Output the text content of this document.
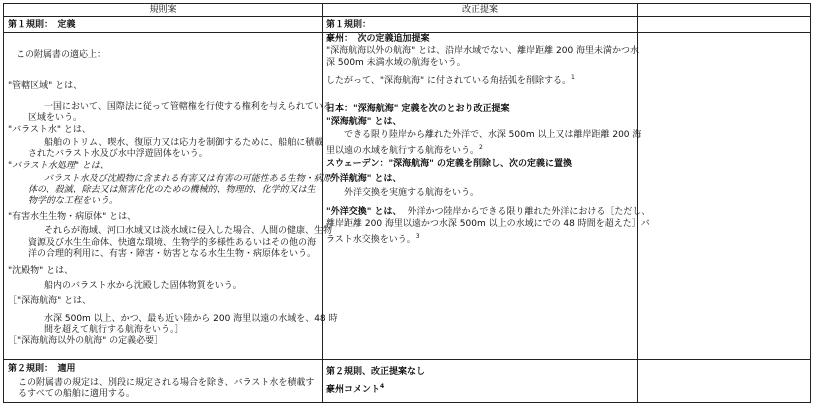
規則案	改正提案
第１規則：　定義
この附属書の適応上：
"管轄区域" とは、
一国において、国際法に従って管轄権を行使する権利を与えられている
区域をいう。
"バラスト水" とは、
船舶のトリム、喫水、復原力又は応力を制御するために、船舶に積載
されたバラスト水及び水中浮遊固体をいう。
"バラスト水処理" とは、
バラスト水及び沈殿物に含まれる有害又は有害の可能性ある生物・病原
体の、殺滅、除去又は無害化化のための機械的、物理的、化学的又は生
物学的な工程をいう。
"有害水生生物・病原体" とは、
それらが海域、河口水域又は淡水域に侵入した場合、人間の健康、生物
資源及び水生生命体、快適な環境、生物学的多様性あるいはその他の海
洋の合理的利用に、有害・障害・妨害となる水生生物・病原体をいう。
"沈殿物" とは、
船内のバラスト水から沈殿した固体物質をいう。
［"深海航海" とは、
水深 500m 以上、かつ、最も近い陸から 200 海里以遠の水域を、48 時
間を超えて航行する航海をいう。］
［"深海航海以外の航海" の定義必要］
第２規則：　適用
この附属書の規定は、別段に規定される場合を除き、バラスト水を積載す
るすべての船舶に適用する。
第１規則：
豪州：　次の定義追加提案
"深海航海以外の航海" とは、沿岸水域でない、離岸距離 200 海里未満かつ水
深 500m 未満水域の航海をいう。
したがって、"深海航海" に付されている角括弧を削除する。$^1$
日本："深海航海" 定義を次のとおり改正提案
"深海航海" とは、
できる限り陸岸から離れた外洋で、水深 500m 以上又は離岸距離 200 海
里以遠の水域を航行する航海をいう。$^2$
スウェーデン："深海航海" の定義を削除し、次の定義に置換
"外洋航海" とは、
外洋交換を実施する航海をいう。
"外洋交換" とは、 外洋かつ陸岸からできる限り離れた外洋における［ただし、
離岸距離 200 海里以遠かつ水深 500m 以上の水域にでの 48 時間を超えた］バ
ラスト水交換をいう。$^3$
第２規則、改正提案なし
豪州コメント$^4$
